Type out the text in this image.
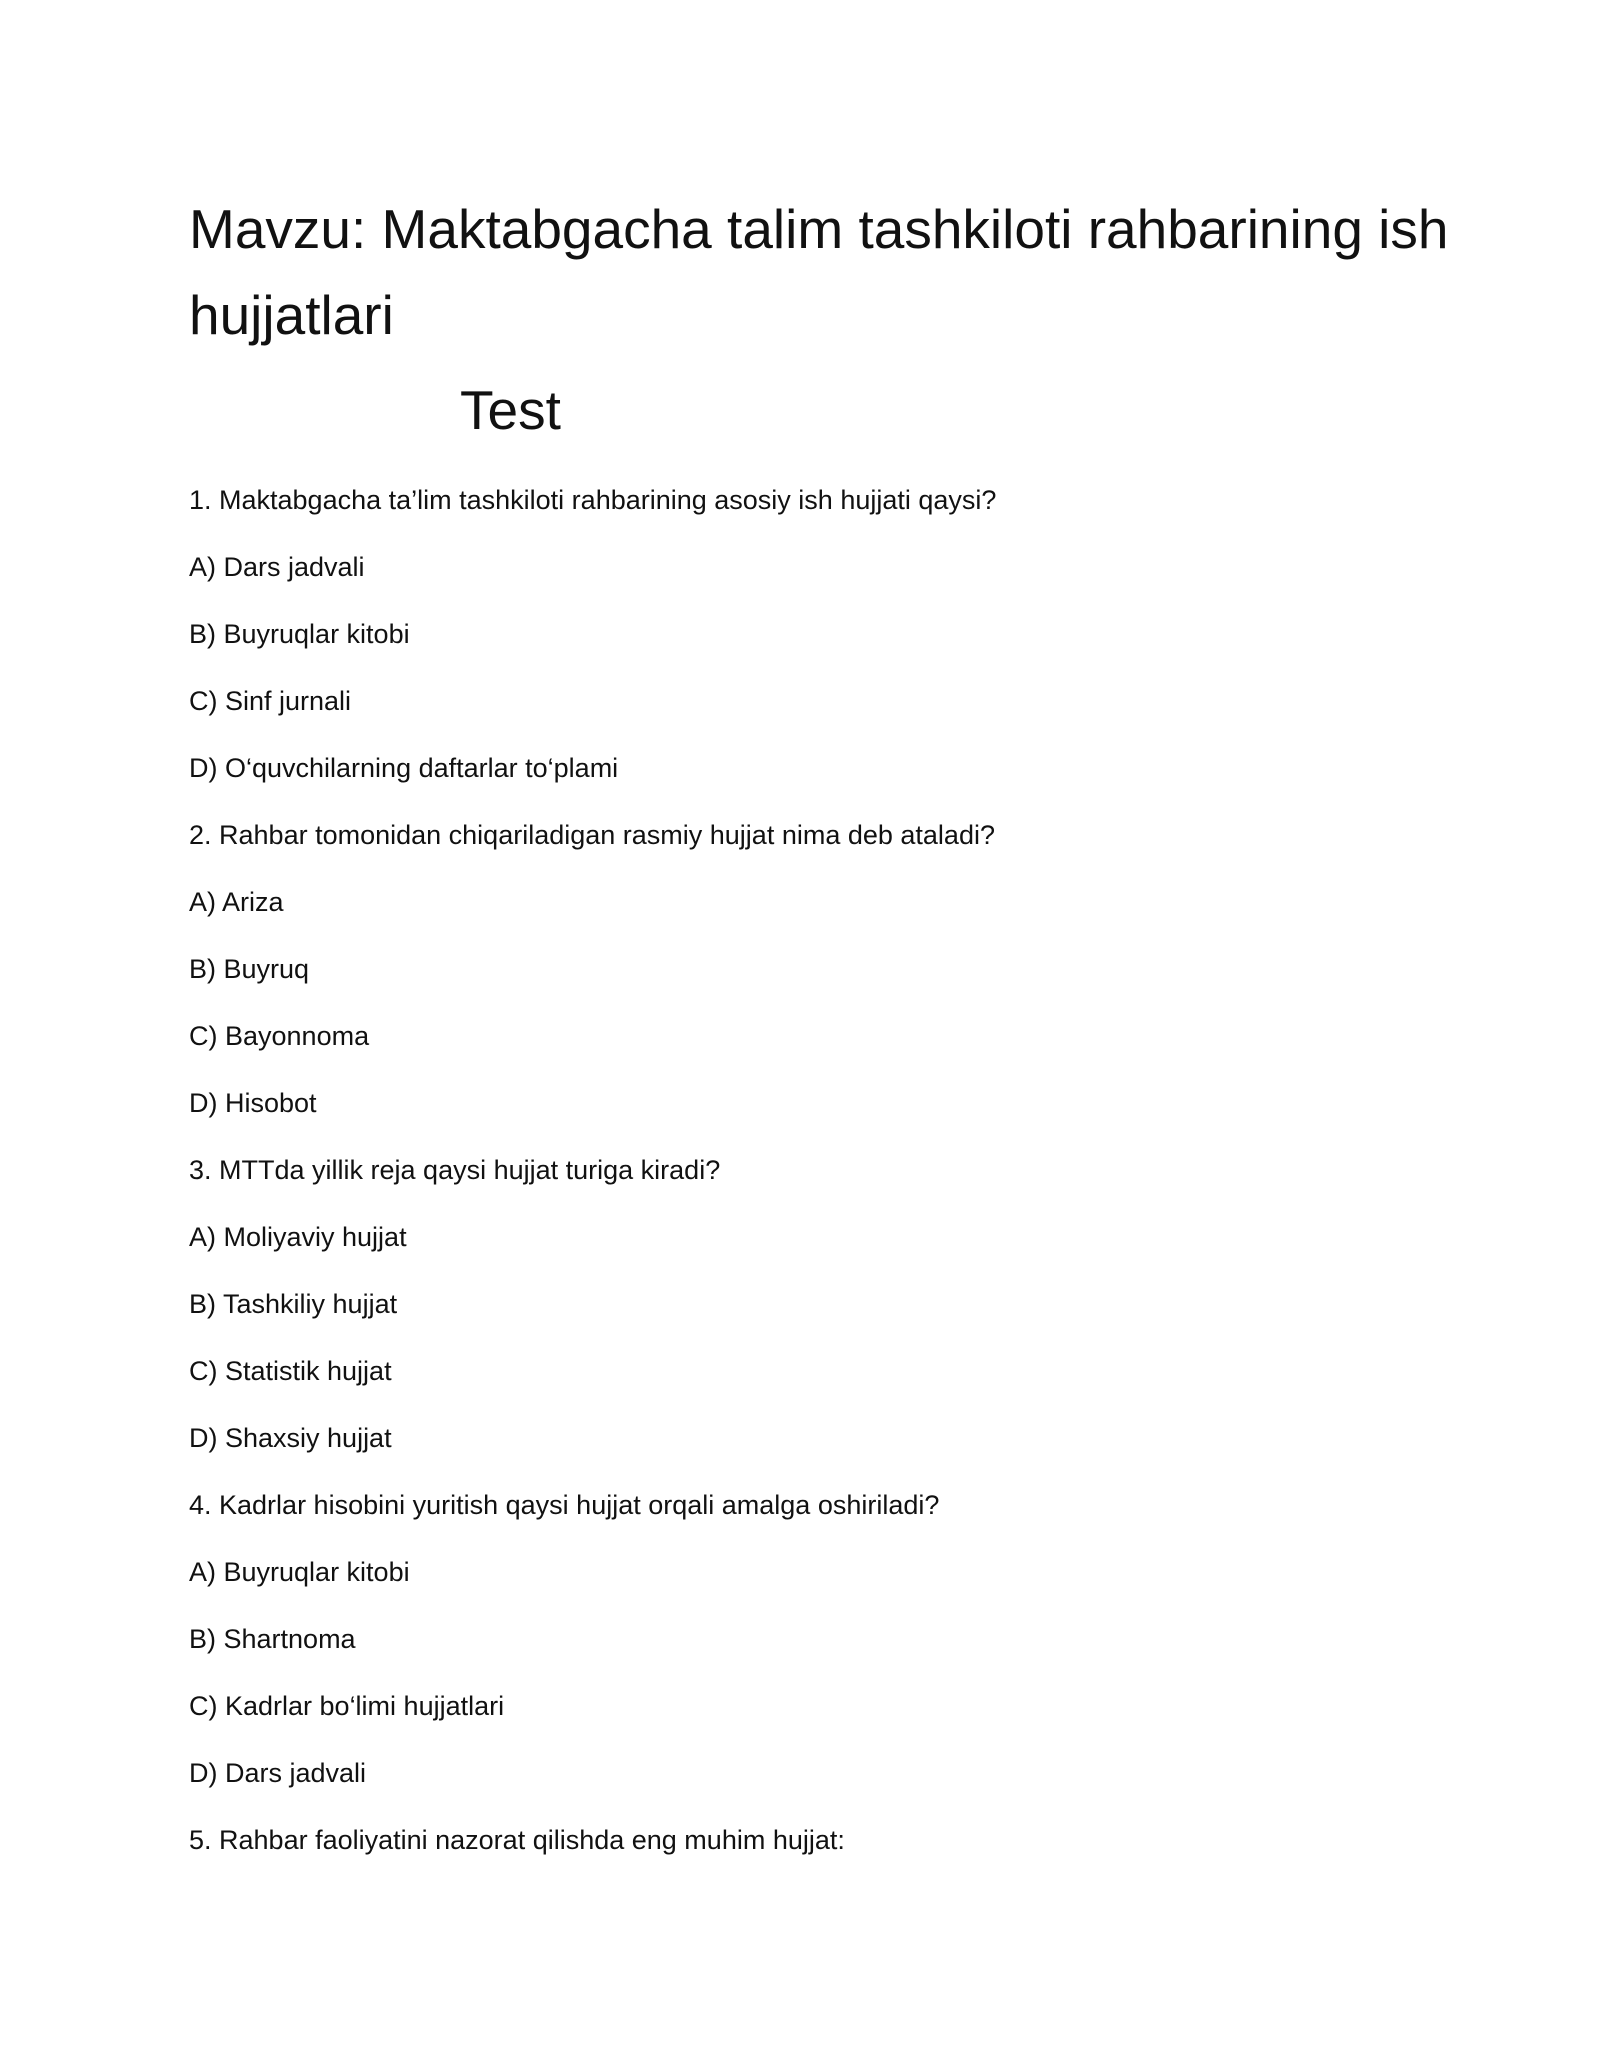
Mavzu: Maktabgacha talim tashkiloti rahbarining ish hujjatlari
Test
1. Maktabgacha ta’lim tashkiloti rahbarining asosiy ish hujjati qaysi?
A) Dars jadvali
B) Buyruqlar kitobi
C) Sinf jurnali
D) O‘quvchilarning daftarlar to‘plami
2. Rahbar tomonidan chiqariladigan rasmiy hujjat nima deb ataladi?
A) Ariza
B) Buyruq
C) Bayonnoma
D) Hisobot
3. MTTda yillik reja qaysi hujjat turiga kiradi?
A) Moliyaviy hujjat
B) Tashkiliy hujjat
C) Statistik hujjat
D) Shaxsiy hujjat
4. Kadrlar hisobini yuritish qaysi hujjat orqali amalga oshiriladi?
A) Buyruqlar kitobi
B) Shartnoma
C) Kadrlar bo‘limi hujjatlari
D) Dars jadvali
5. Rahbar faoliyatini nazorat qilishda eng muhim hujjat:
